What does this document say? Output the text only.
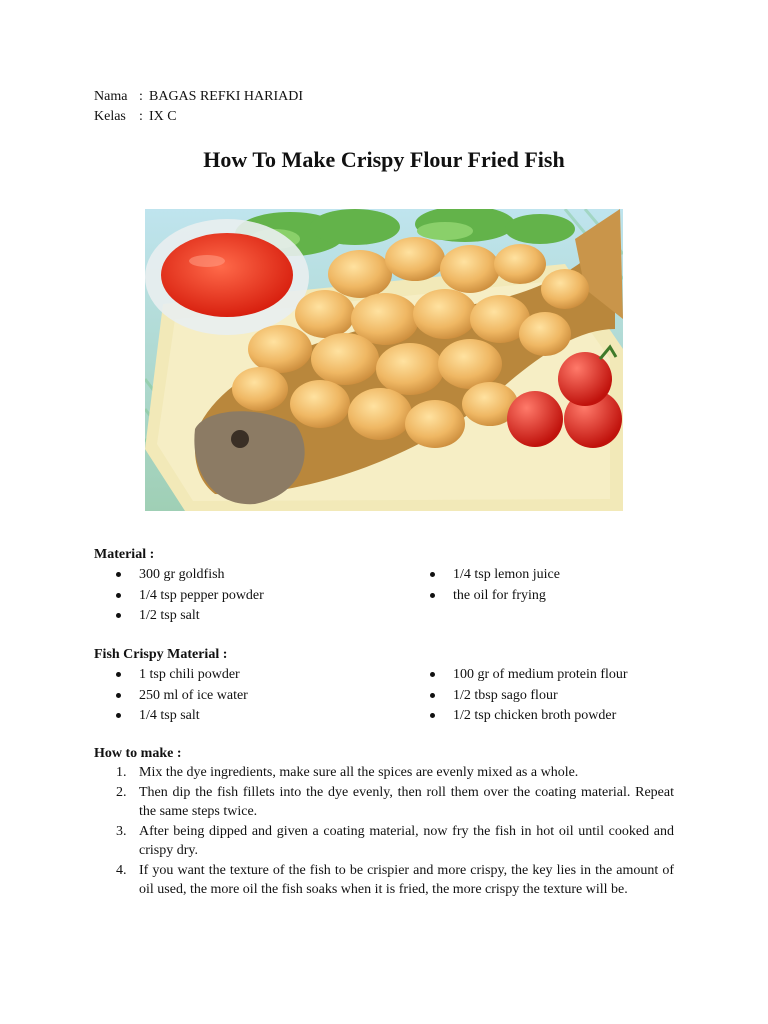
Nama : BAGAS REFKI HARIADI
Kelas : IX C
How To Make Crispy Flour Fried Fish
Material :
300 gr goldfish
1/4 tsp pepper powder
1/2 tsp salt
1/4 tsp lemon juice
the oil for frying
Fish Crispy Material :
1 tsp chili powder
250 ml of ice water
1/4 tsp salt
100 gr of medium protein flour
1/2 tbsp sago flour
1/2 tsp chicken broth powder
How to make :
1. Mix the dye ingredients, make sure all the spices are evenly mixed as a whole.
2. Then dip the fish fillets into the dye evenly, then roll them over the coating material. Repeat the same steps twice.
3. After being dipped and given a coating material, now fry the fish in hot oil until cooked and crispy dry.
4. If you want the texture of the fish to be crispier and more crispy, the key lies in the amount of oil used, the more oil the fish soaks when it is fried, the more crispy the texture will be.
